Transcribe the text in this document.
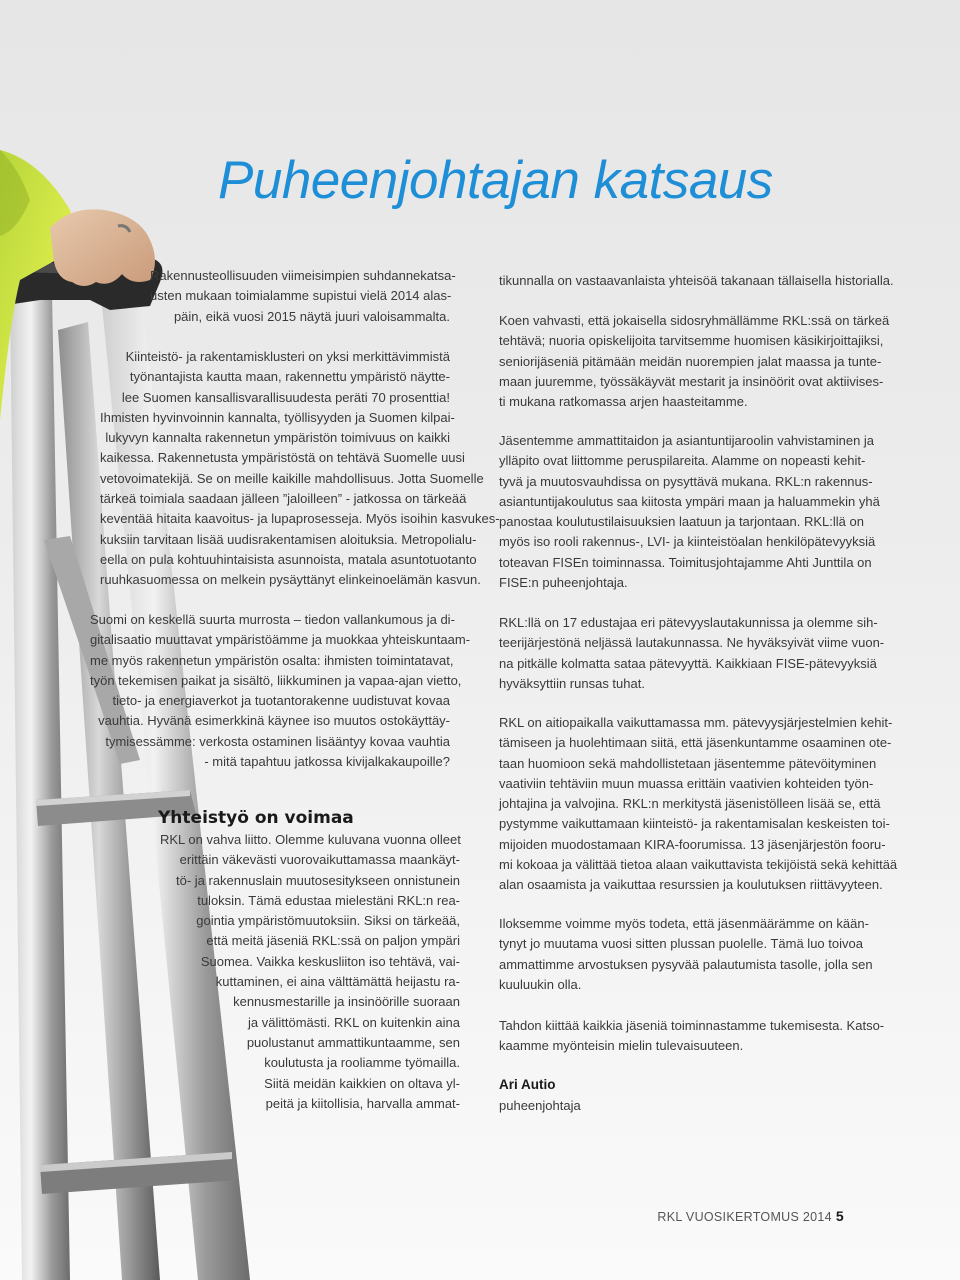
Puheenjohtajan katsaus
Rakennusteollisuuden viimeisimpien suhdannekatsa-
usten mukaan toimialamme supistui vielä 2014 alas-
päin, eikä vuosi 2015 näytä juuri valoisammalta.
Kiinteistö- ja rakentamisklusteri on yksi merkittävimmistä
työnantajista kautta maan, rakennettu ympäristö näytte-
lee Suomen kansallisvarallisuudesta peräti 70 prosenttia!
Ihmisten hyvinvoinnin kannalta, työllisyyden ja Suomen kilpai-
lukyvyn kannalta rakennetun ympäristön toimivuus on kaikki
kaikessa. Rakennetusta ympäristöstä on tehtävä Suomelle uusi
vetovoimatekijä. Se on meille kaikille mahdollisuus. Jotta Suomelle
tärkeä toimiala saadaan jälleen ”jaloilleen” - jatkossa on tärkeää
keventää hitaita kaavoitus- ja lupaprosesseja. Myös isoihin kasvukes-
kuksiin tarvitaan lisää uudisrakentamisen aloituksia. Metropolialu-
eella on pula kohtuuhintaisista asunnoista, matala asuntotuotanto
ruuhkasuomessa on melkein pysäyttänyt elinkeinoelämän kasvun.
Suomi on keskellä suurta murrosta – tiedon vallankumous ja di-
gitalisaatio muuttavat ympäristöämme ja muokkaa yhteiskuntaam-
me myös rakennetun ympäristön osalta: ihmisten toimintatavat,
työn tekemisen paikat ja sisältö, liikkuminen ja vapaa-ajan vietto,
tieto- ja energiaverkot ja tuotantorakenne uudistuvat kovaa
vauhtia. Hyvänä esimerkkinä käynee iso muutos ostokäyttäy-
tymisessämme: verkosta ostaminen lisääntyy kovaa vauhtia
- mitä tapahtuu jatkossa kivijalkakaupoille?
Yhteistyö on voimaa
RKL on vahva liitto. Olemme kuluvana vuonna olleet
erittäin väkevästi vuorovaikuttamassa maankäyt-
tö- ja rakennuslain muutosesitykseen onnistunein
tuloksin. Tämä edustaa mielestäni RKL:n rea-
gointia ympäristömuutoksiin. Siksi on tärkeää,
että meitä jäseniä RKL:ssä on paljon ympäri
Suomea. Vaikka keskusliiton iso tehtävä, vai-
kuttaminen, ei aina välttämättä heijastu ra-
kennusmestarille ja insinöörille suoraan
ja välittömästi. RKL on kuitenkin aina
puolustanut ammattikuntaamme, sen
koulutusta ja rooliamme työmailla.
Siitä meidän kaikkien on oltava yl-
peitä ja kiitollisia, harvalla ammat-
tikunnalla on vastaavanlaista yhteisöä takanaan tällaisella historialla.
Koen vahvasti, että jokaisella sidosryhmällämme RKL:ssä on tärkeä
tehtävä; nuoria opiskelijoita tarvitsemme huomisen käsikirjoittajiksi,
seniorijäseniä pitämään meidän nuorempien jalat maassa ja tunte-
maan juuremme, työssäkäyvät mestarit ja insinöörit ovat aktiivises-
ti mukana ratkomassa arjen haasteitamme.
Jäsentemme ammattitaidon ja asiantuntijaroolin vahvistaminen ja
ylläpito ovat liittomme peruspilareita. Alamme on nopeasti kehit-
tyvä ja muutosvauhdissa on pysyttävä mukana. RKL:n rakennus-
asiantuntijakoulutus saa kiitosta ympäri maan ja haluammekin yhä
panostaa koulutustilaisuuksien laatuun ja tarjontaan. RKL:llä on
myös iso rooli rakennus-, LVI- ja kiinteistöalan henkilöpätevyyksiä
toteavan FISEn toiminnassa. Toimitusjohtajamme Ahti Junttila on
FISE:n puheenjohtaja.
RKL:llä on 17 edustajaa eri pätevyyslautakunnissa ja olemme sih-
teerijärjestönä neljässä lautakunnassa. Ne hyväksyivät viime vuon-
na pitkälle kolmatta sataa pätevyyttä. Kaikkiaan FISE-pätevyyksiä
hyväksyttiin runsas tuhat.
RKL on aitiopaikalla vaikuttamassa mm. pätevyysjärjestelmien kehit-
tämiseen ja huolehtimaan siitä, että jäsenkuntamme osaaminen ote-
taan huomioon sekä mahdollistetaan jäsentemme pätevöityminen
vaativiin tehtäviin muun muassa erittäin vaativien kohteiden työn-
johtajina ja valvojina. RKL:n merkitystä jäsenistölleen lisää se, että
pystymme vaikuttamaan kiinteistö- ja rakentamisalan keskeisten toi-
mijoiden muodostamaan KIRA-foorumissa. 13 jäsenjärjestön fooru-
mi kokoaa ja välittää tietoa alaan vaikuttavista tekijöistä sekä kehittää
alan osaamista ja vaikuttaa resurssien ja koulutuksen riittävyyteen.
Iloksemme voimme myös todeta, että jäsenmäärämme on kään-
tynyt jo muutama vuosi sitten plussan puolelle. Tämä luo toivoa
ammattimme arvostuksen pysyvää palautumista tasolle, jolla sen
kuuluukin olla.
Tahdon kiittää kaikkia jäseniä toiminnastamme tukemisesta. Katso-
kaamme myönteisin mielin tulevaisuuteen.

Ari Autio

puheenjohtaja

RKL VUOSIKERTOMUS 2014 5
